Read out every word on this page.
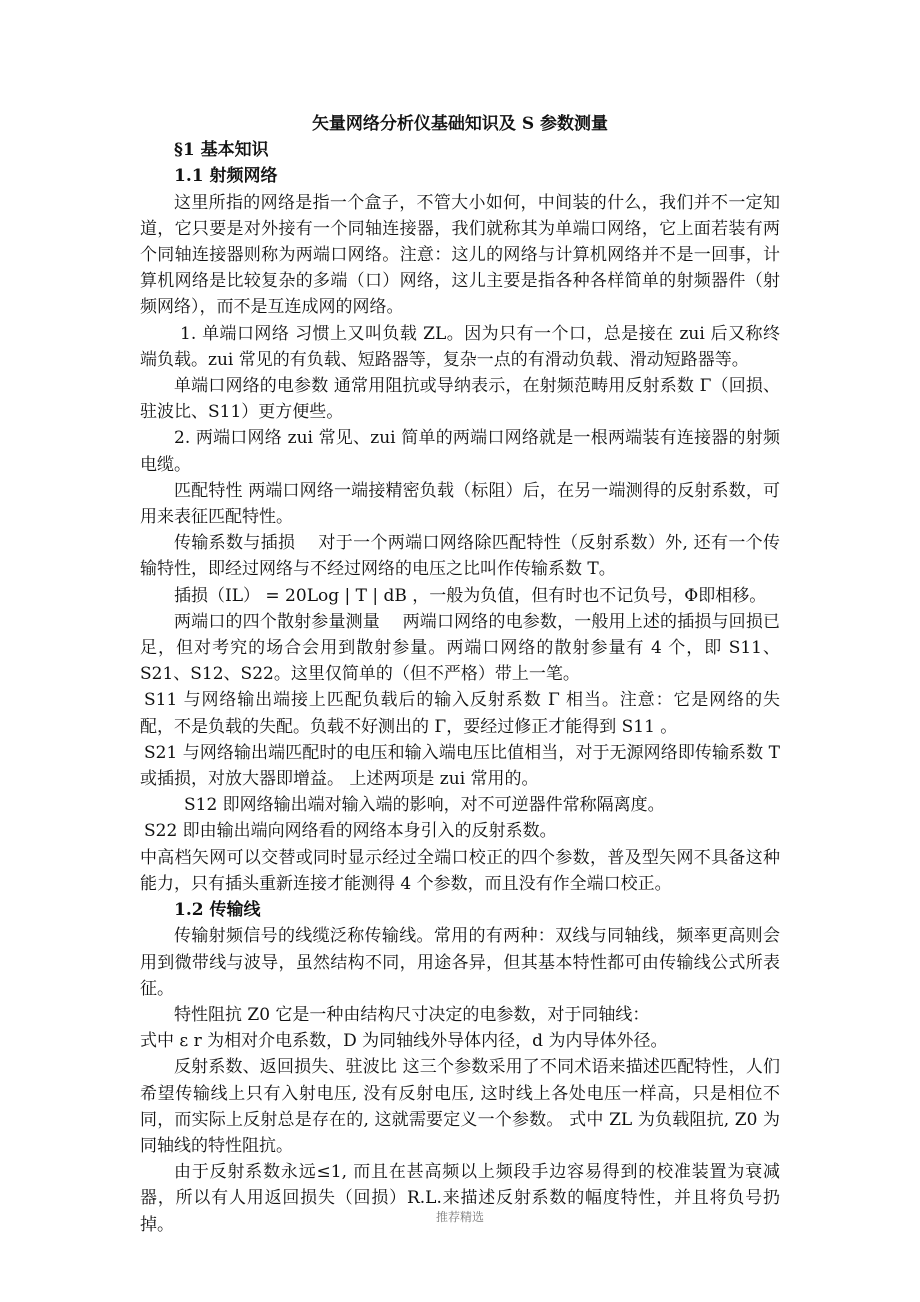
矢量网络分析仪基础知识及 S 参数测量

§1 基本知识

1.1 射频网络

这里所指的网络是指一个盒子，不管大小如何，中间装的什么，我们并不一定知道，它只要是对外接有一个同轴连接器，我们就称其为单端口网络，它上面若装有两个同轴连接器则称为两端口网络。注意：这儿的网络与计算机网络并不是一回事，计算机网络是比较复杂的多端（口）网络，这儿主要是指各种各样简单的射频器件（射频网络），而不是互连成网的网络。

1. 单端口网络 习惯上又叫负载 ZL。因为只有一个口，总是接在 zui 后又称终端负载。zui 常见的有负载、短路器等，复杂一点的有滑动负载、滑动短路器等。

单端口网络的电参数 通常用阻抗或导纳表示，在射频范畴用反射系数 Γ（回损、驻波比、S11）更方便些。

2. 两端口网络 zui 常见、zui 简单的两端口网络就是一根两端装有连接器的射频电缆。

匹配特性 两端口网络一端接精密负载（标阻）后，在另一端测得的反射系数，可用来表征匹配特性。

传输系数与插损　 对于一个两端口网络除匹配特性（反射系数）外, 还有一个传输特性，即经过网络与不经过网络的电压之比叫作传输系数 T。

插损（IL） = 20Log | T | dB ，一般为负值，但有时也不记负号，Φ即相移。

两端口的四个散射参量测量　 两端口网络的电参数，一般用上述的插损与回损已足，但对考究的场合会用到散射参量。两端口网络的散射参量有 4 个，即 S11、S21、S12、S22。这里仅简单的（但不严格）带上一笔。

S11 与网络输出端接上匹配负载后的输入反射系数 Γ 相当。注意：它是网络的失配，不是负载的失配。负载不好测出的 Γ，要经过修正才能得到 S11 。

S21 与网络输出端匹配时的电压和输入端电压比值相当，对于无源网络即传输系数 T 或插损，对放大器即增益。 上述两项是 zui 常用的。

S12 即网络输出端对输入端的影响，对不可逆器件常称隔离度。

S22 即由输出端向网络看的网络本身引入的反射系数。

中高档矢网可以交替或同时显示经过全端口校正的四个参数，普及型矢网不具备这种能力，只有插头重新连接才能测得 4 个参数，而且没有作全端口校正。

1.2 传输线

传输射频信号的线缆泛称传输线。常用的有两种：双线与同轴线，频率更高则会用到微带线与波导，虽然结构不同，用途各异，但其基本特性都可由传输线公式所表征。

特性阻抗 Z0 它是一种由结构尺寸决定的电参数，对于同轴线：

式中 ε r 为相对介电系数，D 为同轴线外导体内径，d 为内导体外径。

反射系数、返回损失、驻波比 这三个参数采用了不同术语来描述匹配特性，人们希望传输线上只有入射电压, 没有反射电压, 这时线上各处电压一样高，只是相位不同，而实际上反射总是存在的, 这就需要定义一个参数。 式中 ZL 为负载阻抗, Z0 为同轴线的特性阻抗。

由于反射系数永远≤1, 而且在甚高频以上频段手边容易得到的校准装置为衰减器，所以有人用返回损失（回损）R.L.来描述反射系数的幅度特性，并且将负号扔掉。	推荐精选
